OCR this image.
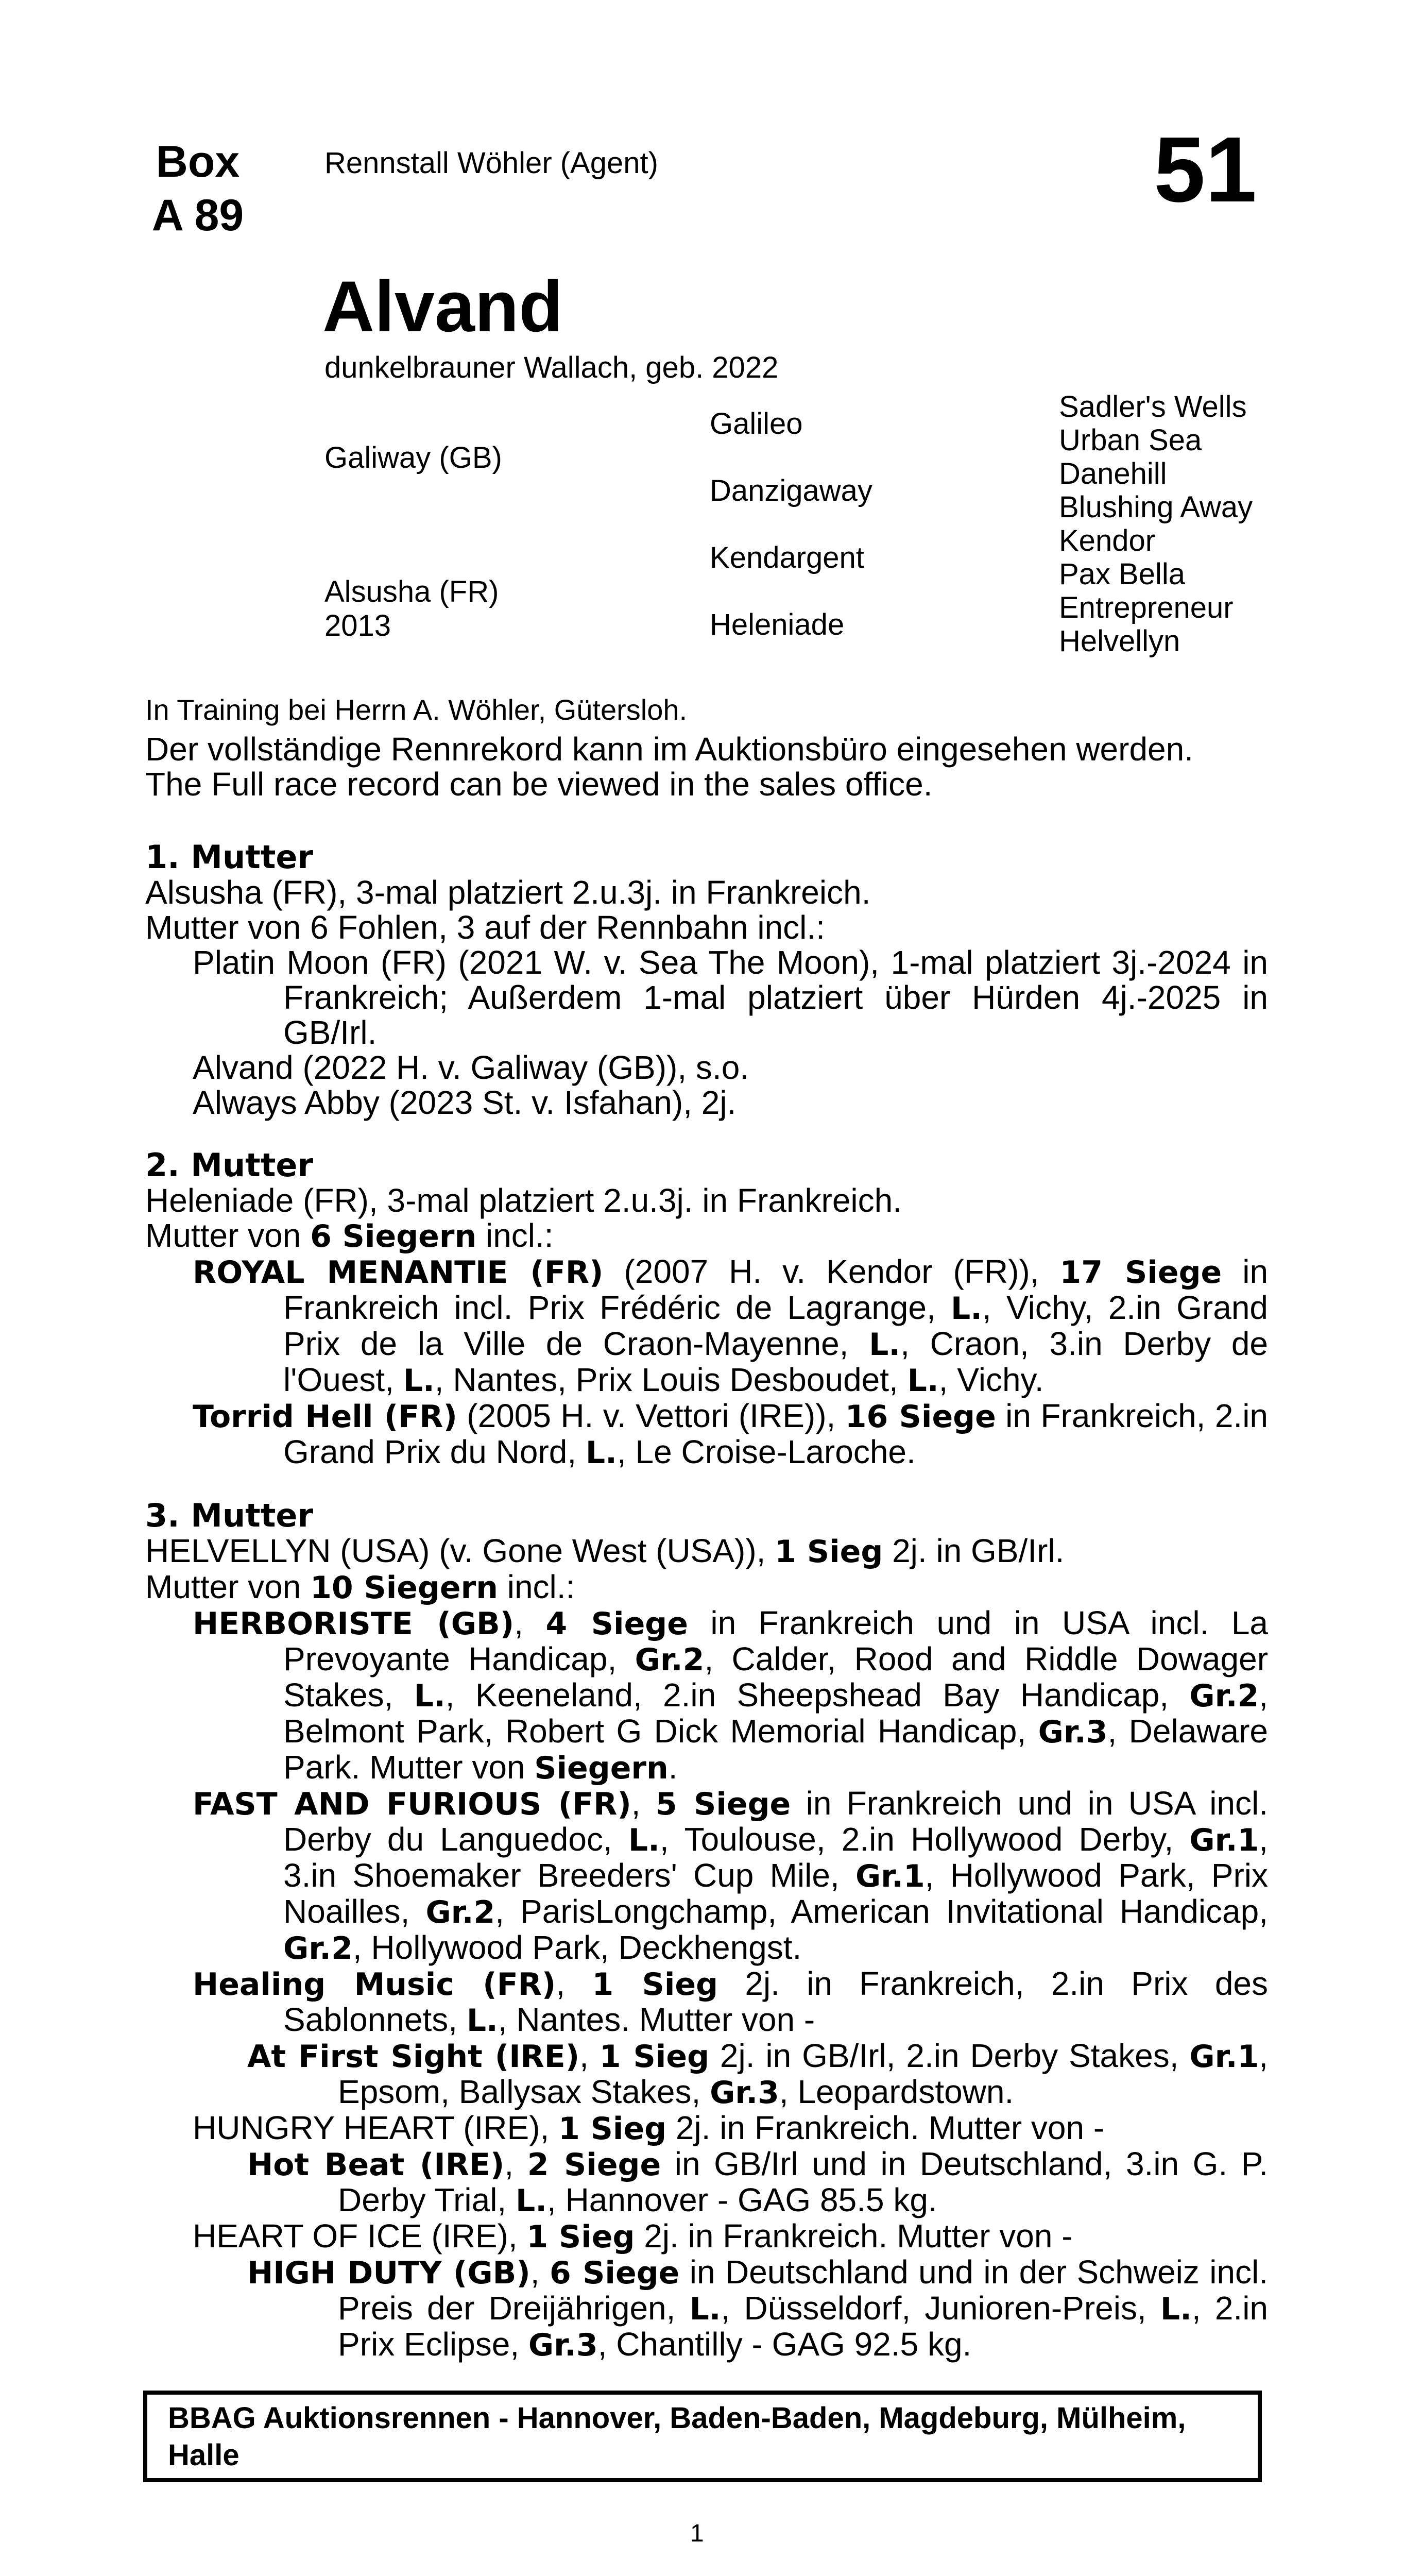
Box
A 89
Rennstall Wöhler (Agent)	51
Alvand
dunkelbrauner Wallach, geb. 2022
Galiway (GB)
Alsusha (FR)
2013
Galileo
Danzigaway
Kendargent
Heleniade
Sadler's Wells
Urban Sea
Danehill
Blushing Away
Kendor
Pax Bella
Entrepreneur
Helvellyn
In Training bei Herrn A. Wöhler, Gütersloh.
Der vollständige Rennrekord kann im Auktionsbüro eingesehen werden.
The Full race record can be viewed in the sales office.
1. Mutter

Alsusha (FR), 3-mal platziert 2.u.3j. in Frankreich.

Mutter von 6 Fohlen, 3 auf der Rennbahn incl.:

Platin Moon (FR) (2021 W. v. Sea The Moon), 1-mal platziert 3j.-2024 in Frankreich; Außerdem 1-mal platziert über Hürden 4j.-2025 in GB/Irl.

Alvand (2022 H. v. Galiway (GB)), s.o.

Always Abby (2023 St. v. Isfahan), 2j.

2. Mutter

Heleniade (FR), 3-mal platziert 2.u.3j. in Frankreich.

Mutter von 6 Siegern incl.:

ROYAL MENANTIE (FR) (2007 H. v. Kendor (FR)), 17 Siege in Frankreich incl. Prix Frédéric de Lagrange, L., Vichy, 2.in Grand Prix de la Ville de Craon-Mayenne, L., Craon, 3.in Derby de l'Ouest, L., Nantes, Prix Louis Desboudet, L., Vichy.

Torrid Hell (FR) (2005 H. v. Vettori (IRE)), 16 Siege in Frankreich, 2.in Grand Prix du Nord, L., Le Croise-Laroche.

3. Mutter

HELVELLYN (USA) (v. Gone West (USA)), 1 Sieg 2j. in GB/Irl.

Mutter von 10 Siegern incl.:

HERBORISTE (GB), 4 Siege in Frankreich und in USA incl. La Prevoyante Handicap, Gr.2, Calder, Rood and Riddle Dowager Stakes, L., Keeneland, 2.in Sheepshead Bay Handicap, Gr.2, Belmont Park, Robert G Dick Memorial Handicap, Gr.3, Delaware Park. Mutter von Siegern.

FAST AND FURIOUS (FR), 5 Siege in Frankreich und in USA incl. Derby du Languedoc, L., Toulouse, 2.in Hollywood Derby, Gr.1, 3.in Shoemaker Breeders' Cup Mile, Gr.1, Hollywood Park, Prix Noailles, Gr.2, ParisLongchamp, American Invitational Handicap, Gr.2, Hollywood Park, Deckhengst.

Healing Music (FR), 1 Sieg 2j. in Frankreich, 2.in Prix des Sablonnets, L., Nantes. Mutter von -

At First Sight (IRE), 1 Sieg 2j. in GB/Irl, 2.in Derby Stakes, Gr.1, Epsom, Ballysax Stakes, Gr.3, Leopardstown.

HUNGRY HEART (IRE), 1 Sieg 2j. in Frankreich. Mutter von -

Hot Beat (IRE), 2 Siege in GB/Irl und in Deutschland, 3.in G. P. Derby Trial, L., Hannover - GAG 85.5 kg.

HEART OF ICE (IRE), 1 Sieg 2j. in Frankreich. Mutter von -

HIGH DUTY (GB), 6 Siege in Deutschland und in der Schweiz incl. Preis der Dreijährigen, L., Düsseldorf, Junioren-Preis, L., 2.in Prix Eclipse, Gr.3, Chantilly - GAG 92.5 kg.

BBAG Auktionsrennen - Hannover, Baden-Baden, Magdeburg, Mülheim, Halle
1
